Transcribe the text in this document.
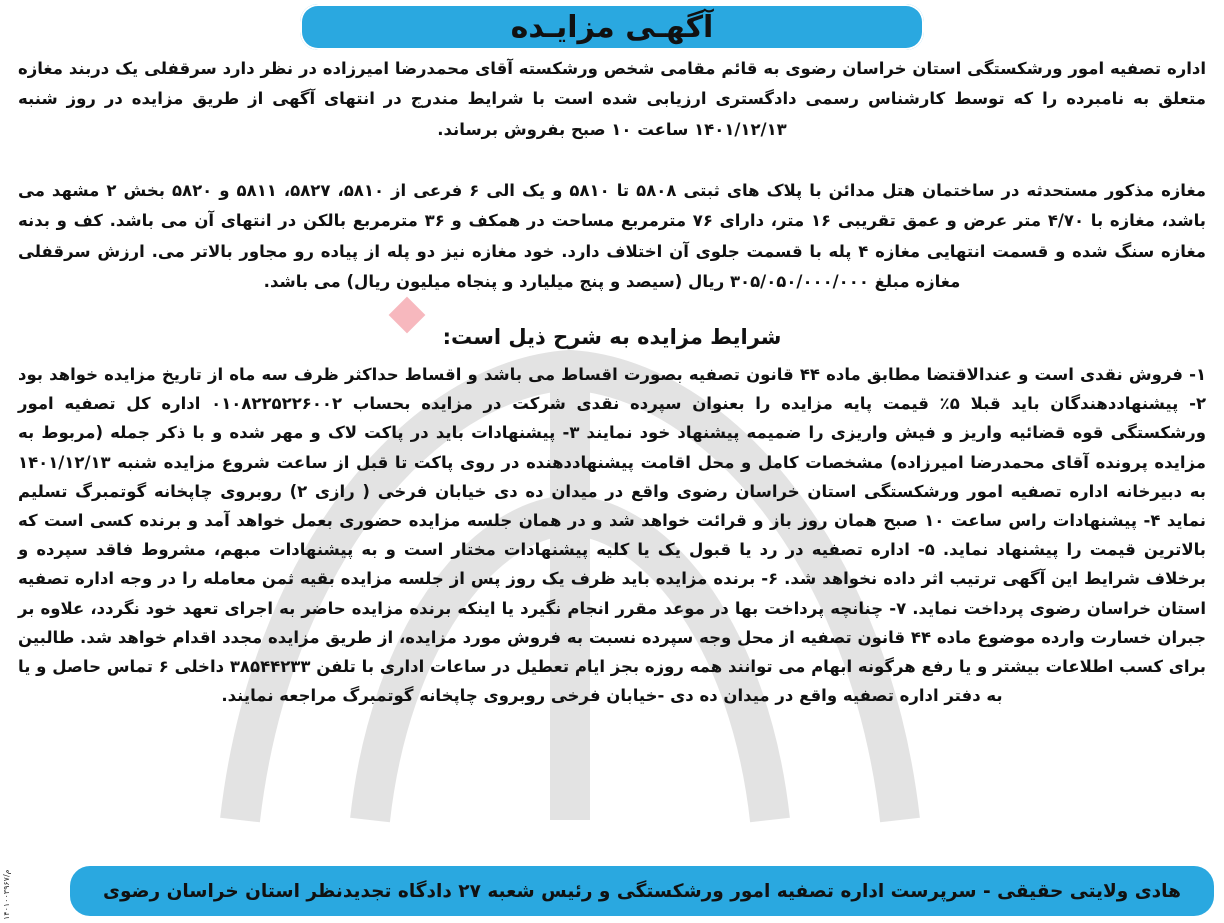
آگهـی مزایـده
اداره تصفیه امور ورشکستگی استان خراسان رضوی به قائم مقامی شخص ورشکسته آقای محمدرضا امیرزاده در نظر دارد سرقفلی یک دربند مغازه متعلق به نامبرده را که توسط کارشناس رسمی دادگستری ارزیابی شده است با شرایط مندرج در انتهای آگهی از طریق مزایده در روز شنبه ۱۴۰۱/۱۲/۱۳ ساعت ۱۰ صبح بفروش برساند.
مغازه مذکور مستحدثه در ساختمان هتل مدائن با پلاک های ثبتی ۵۸۰۸ تا ۵۸۱۰ و یک الی ۶ فرعی از ۵۸۱۰، ۵۸۲۷، ۵۸۱۱ و ۵۸۲۰ بخش ۲ مشهد می باشد، مغازه با ۴/۷۰ متر عرض و عمق تقریبی ۱۶ متر، دارای ۷۶ مترمربع مساحت در همکف و ۳۶ مترمربع بالکن در انتهای آن می باشد. کف و بدنه مغازه سنگ شده و قسمت انتهایی مغازه ۴ پله با قسمت جلوی آن اختلاف دارد. خود مغازه نیز دو پله از پیاده رو مجاور بالاتر می. ارزش سرقفلی مغازه مبلغ ۳۰۵/۰۵۰/۰۰۰/۰۰۰ ریال (سیصد و پنج میلیارد و پنجاه میلیون ریال) می باشد.
شرایط مزایده به شرح ذیل است:
۱- فروش نقدی است و عندالاقتضا مطابق ماده ۴۴ قانون تصفیه بصورت اقساط می باشد و اقساط حداکثر ظرف سه ماه از تاریخ مزایده خواهد بود ۲- پیشنهاددهندگان باید قبلا ۵٪ قیمت پایه مزایده را بعنوان سپرده نقدی شرکت در مزایده بحساب ۰۱۰۸۲۲۵۲۲۶۰۰۲ اداره کل تصفیه امور ورشکستگی قوه قضائیه واریز و فیش واریزی را ضمیمه پیشنهاد خود نمایند ۳- پیشنهادات باید در پاکت لاک و مهر شده و با ذکر جمله (مربوط به مزایده پرونده آقای محمدرضا امیرزاده) مشخصات کامل و محل اقامت پیشنهاددهنده در روی پاکت تا قبل از ساعت شروع مزایده شنبه ۱۴۰۱/۱۲/۱۳ به دبیرخانه اداره تصفیه امور ورشکستگی استان خراسان رضوی واقع در میدان ده دی خیابان فرخی ( رازی ۲) روبروی چاپخانه گوتمبرگ تسلیم نماید ۴- پیشنهادات راس ساعت ۱۰ صبح همان روز باز و قرائت خواهد شد و در همان جلسه مزایده حضوری بعمل خواهد آمد و برنده کسی است که بالاترین قیمت را پیشنهاد نماید. ۵- اداره تصفیه در رد یا قبول یک یا کلیه پیشنهادات مختار است و به پیشنهادات مبهم، مشروط فاقد سپرده و برخلاف شرایط این آگهی ترتیب اثر داده نخواهد شد. ۶- برنده مزایده باید ظرف یک روز پس از جلسه مزایده بقیه ثمن معامله را در وجه اداره تصفیه استان خراسان رضوی پرداخت نماید. ۷- چنانچه پرداخت بها در موعد مقرر انجام نگیرد یا اینکه برنده مزایده حاضر به اجرای تعهد خود نگردد، علاوه بر جبران خسارت وارده موضوع ماده ۴۴ قانون تصفیه از محل وجه سپرده نسبت به فروش مورد مزایده، از طریق مزایده مجدد اقدام خواهد شد. طالبین برای کسب اطلاعات بیشتر و یا رفع هرگونه ابهام می توانند همه روزه بجز ایام تعطیل در ساعات اداری با تلفن ۳۸۵۴۴۲۳۳ داخلی ۶ تماس حاصل و یا به دفتر اداره تصفیه واقع در میدان ده دی -خیابان فرخی روبروی چاپخانه گوتمبرگ مراجعه نمایند.
هادی ولایتی حقیقی - سرپرست اداره تصفیه امور ورشکستگی و رئیس شعبه ۲۷ دادگاه تجدیدنظر استان خراسان رضوی
۱۴۰۱۰۰۳۹۶۷/م
